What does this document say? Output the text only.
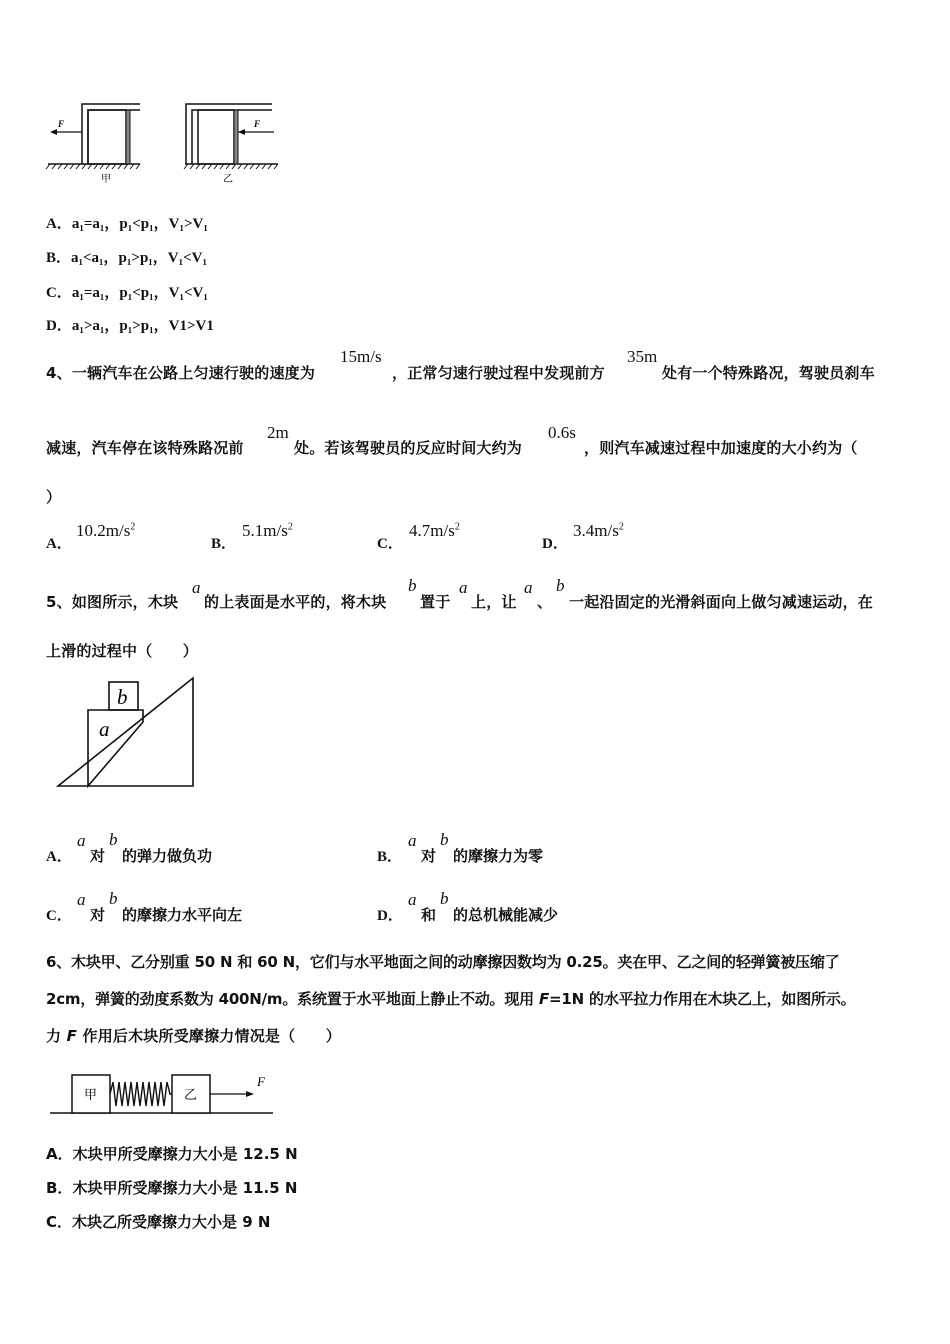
F
甲
F
乙
A．a₁=a₁，p₁<p₁，V₁>V₁
B．a₁<a₁，p₁>p₁，V₁<V₁
C．a₁=a₁，p₁<p₁，V₁<V₁
D．a₁>a₁，p₁>p₁，V1>V1
4、一辆汽车在公路上匀速行驶的速度为
15m/s
，正常匀速行驶过程中发现前方
35m
处有一个特殊路况，驾驶员刹车
减速，汽车停在该特殊路况前
2m
处。若该驾驶员的反应时间大约为
0.6s
，则汽车减速过程中加速度的大小约为（
）
A．
$10.2m/s^2$
B．
$5.1m/s^2$
C．
$4.7m/s^2$
D．
$3.4m/s^2$
5、如图所示，木块
a
的上表面是水平的，将木块
b
置于
a
上，让
a
、
b
一起沿固定的光滑斜面向上做匀减速运动，在
上滑的过程中（　　）
b
a
A．
a
对
b
的弹力做负功	B．
a
对
b
的摩擦力为零
C．
a
对
b
的摩擦力水平向左	D．
a
和
b
的总机械能减少
6、木块甲、乙分别重 50 N 和 60 N，它们与水平地面之间的动摩擦因数均为 0.25。夹在甲、乙之间的轻弹簧被压缩了
2cm，弹簧的劲度系数为 400N/m。系统置于水平地面上静止不动。现用 F=1N 的水平拉力作用在木块乙上，如图所示。
力 F 作用后木块所受摩擦力情况是（　　）
甲	乙
F
A．木块甲所受摩擦力大小是 12.5 N
B．木块甲所受摩擦力大小是 11.5 N
C．木块乙所受摩擦力大小是 9 N
